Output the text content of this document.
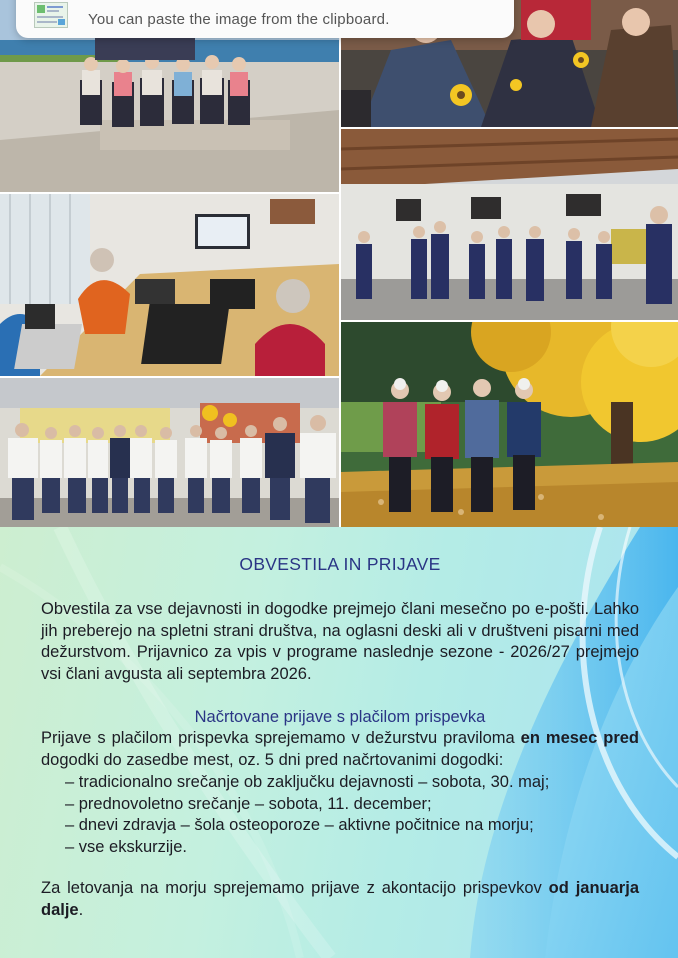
You can paste the image from the clipboard.
OBVESTILA IN PRIJAVE
Obvestila za vse dejavnosti in dogodke prejmejo člani mesečno po e-pošti. Lahko jih preberejo na spletni strani društva, na oglasni deski ali v društveni pisarni med dežurstvom. Prijavnico za vpis v programe naslednje sezone - 2026/27 prejmejo vsi člani avgusta ali septembra 2026.
Načrtovane prijave s plačilom prispevka
Prijave s plačilom prispevka sprejemamo v dežurstvu praviloma en mesec pred dogodki do zasedbe mest, oz. 5 dni pred načrtovanimi dogodki:
– tradicionalno srečanje ob zaključku dejavnosti – sobota, 30. maj;
– prednovoletno srečanje – sobota, 11. december;
– dnevi zdravja – šola osteoporoze – aktivne počitnice na morju;
– vse ekskurzije.
Za letovanja na morju sprejemamo prijave z akontacijo prispevkov od januarja dalje.
